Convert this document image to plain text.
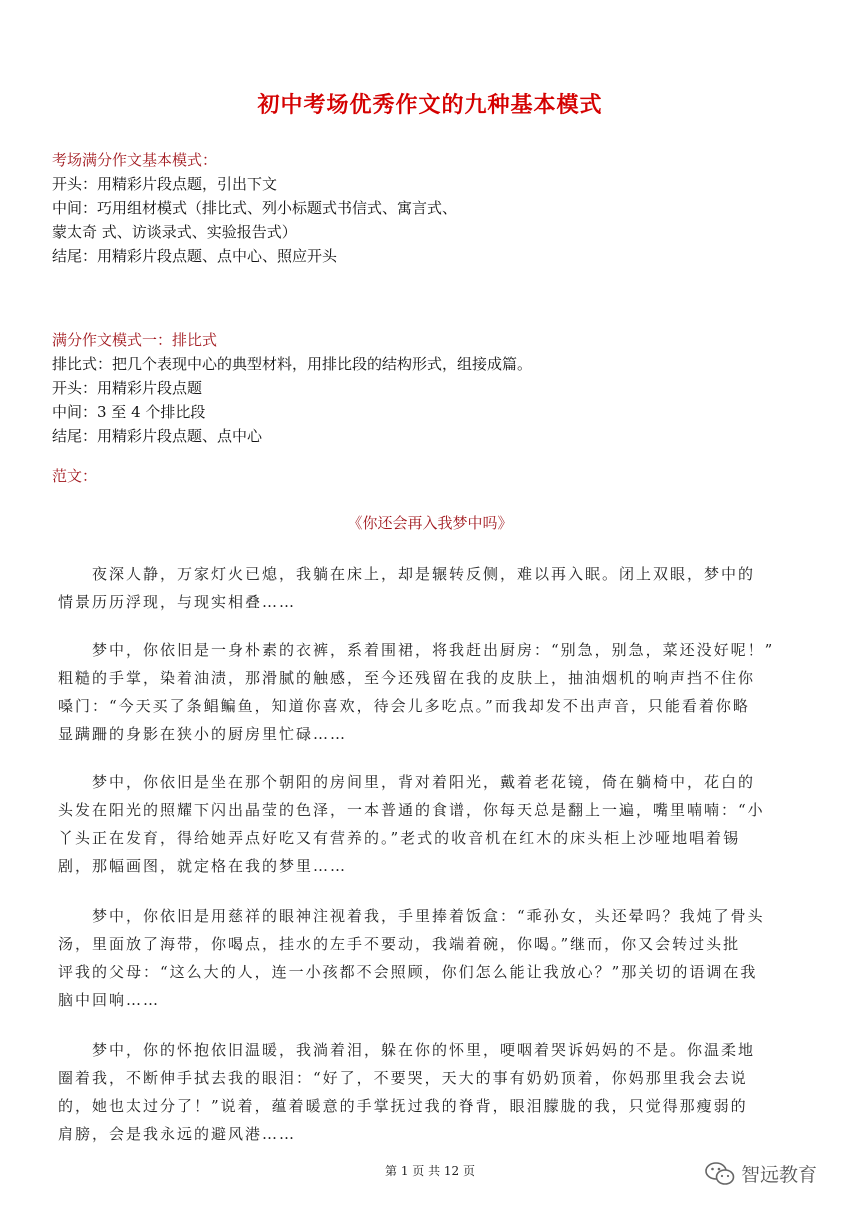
初中考场优秀作文的九种基本模式
考场满分作文基本模式：
开头：用精彩片段点题，引出下文
中间：巧用组材模式（排比式、列小标题式书信式、寓言式、
蒙太奇 式、访谈录式、实验报告式）
结尾：用精彩片段点题、点中心、照应开头
满分作文模式一：排比式
排比式：把几个表现中心的典型材料，用排比段的结构形式，组接成篇。
开头：用精彩片段点题
中间：3 至 4 个排比段
结尾：用精彩片段点题、点中心
范文：
《你还会再入我梦中吗》
夜深人静，万家灯火已熄，我躺在床上，却是辗转反侧，难以再入眠。闭上双眼，梦中的
情景历历浮现，与现实相叠……
梦中，你依旧是一身朴素的衣裤，系着围裙，将我赶出厨房：“别急，别急，菜还没好呢！”
粗糙的手掌，染着油渍，那滑腻的触感，至今还残留在我的皮肤上，抽油烟机的响声挡不住你
嗓门：“今天买了条鲳鳊鱼，知道你喜欢，待会儿多吃点。”而我却发不出声音，只能看着你略
显蹒跚的身影在狭小的厨房里忙碌……
梦中，你依旧是坐在那个朝阳的房间里，背对着阳光，戴着老花镜，倚在躺椅中，花白的
头发在阳光的照耀下闪出晶莹的色泽，一本普通的食谱，你每天总是翻上一遍，嘴里喃喃：“小
丫头正在发育，得给她弄点好吃又有营养的。”老式的收音机在红木的床头柜上沙哑地唱着锡
剧，那幅画图，就定格在我的梦里……
梦中，你依旧是用慈祥的眼神注视着我，手里捧着饭盒：“乖孙女，头还晕吗？我炖了骨头
汤，里面放了海带，你喝点，挂水的左手不要动，我端着碗，你喝。”继而，你又会转过头批
评我的父母：“这么大的人，连一小孩都不会照顾，你们怎么能让我放心？”那关切的语调在我
脑中回响……
梦中，你的怀抱依旧温暖，我淌着泪，躲在你的怀里，哽咽着哭诉妈妈的不是。你温柔地
圈着我，不断伸手拭去我的眼泪：“好了，不要哭，天大的事有奶奶顶着，你妈那里我会去说
的，她也太过分了！”说着，蕴着暖意的手掌抚过我的脊背，眼泪朦胧的我，只觉得那瘦弱的
肩膀，会是我永远的避风港……
第 1 页 共 12 页	智远教育
